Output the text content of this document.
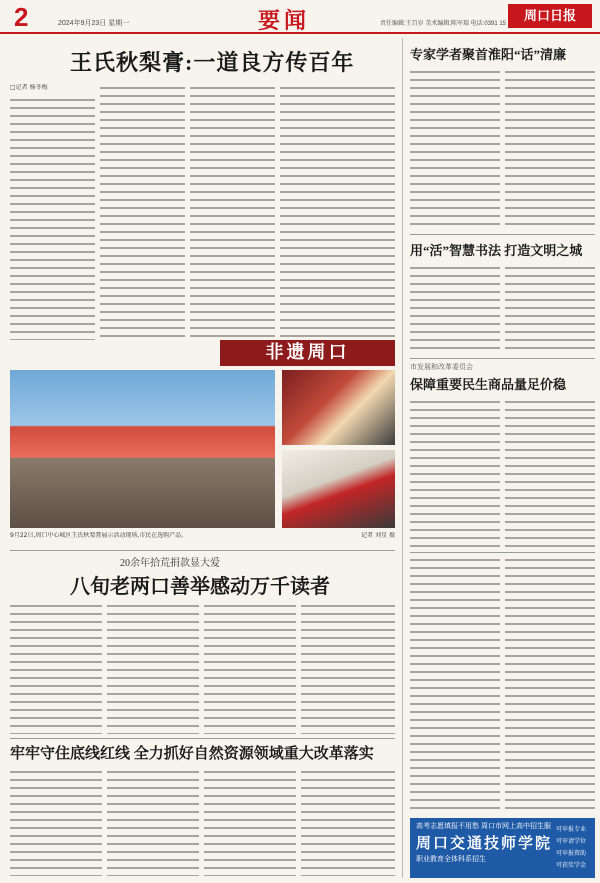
2	2024年9月23日 星期一	要闻	责任编辑:王百岁 美术编辑:陈军瑞 电话:0391 15
周口日报
王氏秋梨膏:一道良方传百年
□记者 杨冬梅
非遗周口
9月22日,周口中心城区王氏秋梨膏展示活动现场,市民在选购产品。	记者 刘星 摄
20余年拾荒捐款显大爱
八旬老两口善举感动万千读者
牢牢守住底线红线 全力抓好自然资源领域重大改革落实
专家学者聚首淮阳“话”清廉
用“活”智慧书法 打造文明之城
市发展和改革委员会
保障重要民生商品量足价稳
高考志愿填报不用愁 周口市网上高中招生服
周口交通技师学院
职业教育全体科系招生
可申报专业
可申请学位
可申报资助
可获奖学金
